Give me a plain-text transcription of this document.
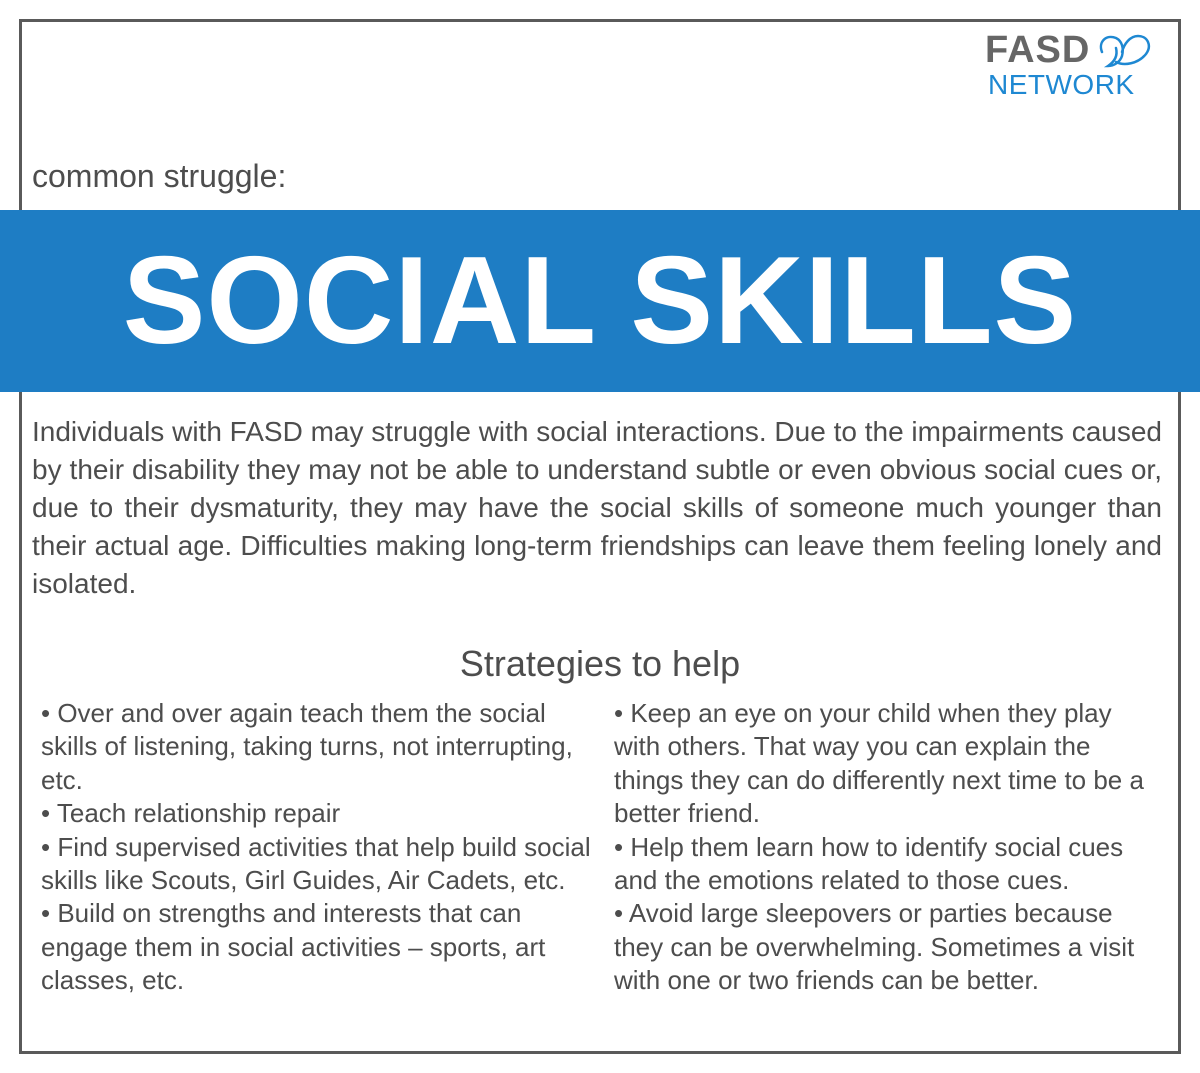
FASD
NETWORK
common struggle:
SOCIAL SKILLS
Individuals with FASD may struggle with social interactions. Due to the impairments caused by their disability they may not be able to understand subtle or even obvious social cues or, due to their dysmaturity, they may have the social skills of someone much younger than their actual age. Difficulties making long-term friendships can leave them feeling lonely and isolated.
Strategies to help

• Over and over again teach them the social skills of listening, taking turns, not interrupting, etc.

• Teach relationship repair

• Find supervised activities that help build social skills like Scouts, Girl Guides, Air Cadets, etc.

• Build on strengths and interests that can engage them in social activities – sports, art classes, etc.

• Keep an eye on your child when they play with others. That way you can explain the things they can do differently next time to be a better friend.

• Help them learn how to identify social cues and the emotions related to those cues.

• Avoid large sleepovers or parties because they can be overwhelming. Sometimes a visit with one or two friends can be better.
